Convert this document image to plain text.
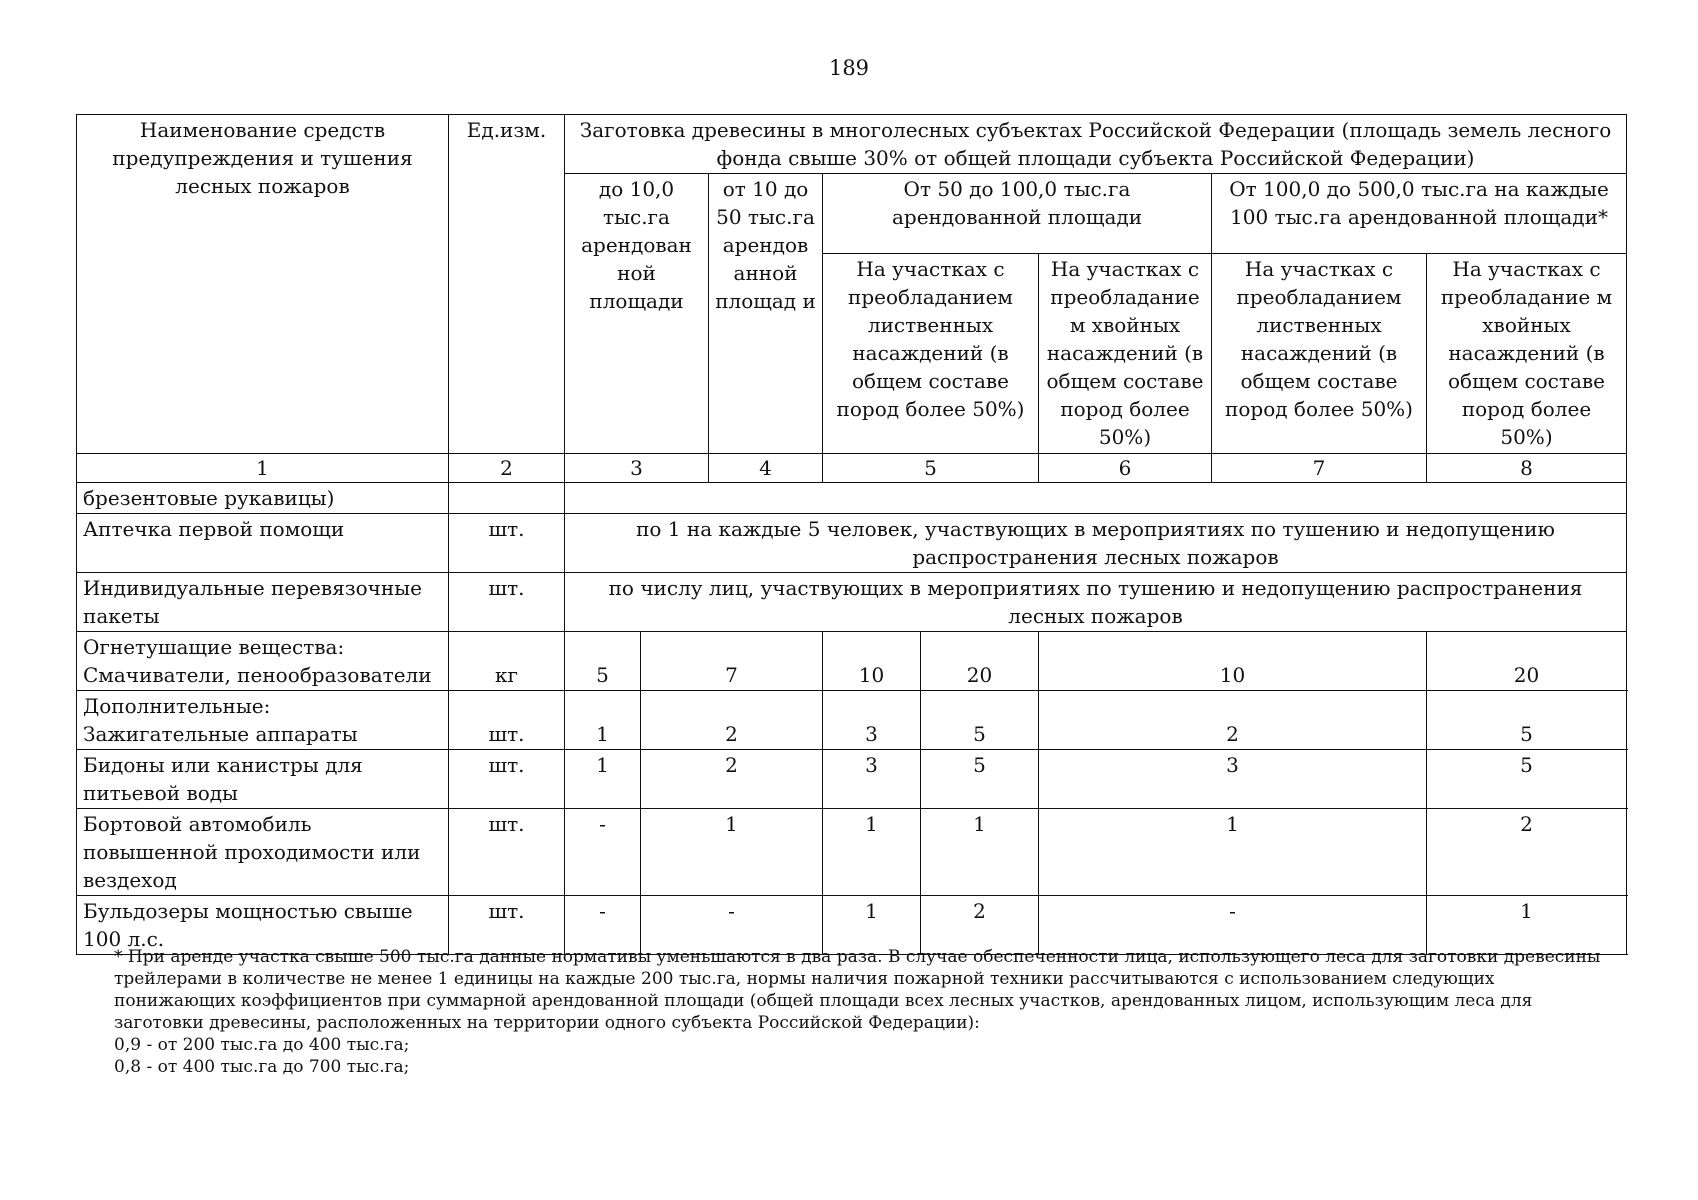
189
Наименование средств предупреждения и тушения лесных пожаров	Ед.изм.	Заготовка древесины в многолесных субъектах Российской Федерации (площадь земель лесного фонда свыше 30% от общей площади субъекта Российской Федерации)							
		до 10,0 тыс.га арендован ной площади		от 10 до 50 тыс.га арендов анной площад и	От 50 до 100,0 тыс.га арендованной площади			От 100,0 до 500,0 тыс.га на каждые 100 тыс.га арендованной площади*	
					На участках с преобладанием лиственных насаждений (в общем составе пород более 50%)		На участках с преобладанием хвойных насаждений (в общем составе пород более 50%)	На участках с преобладанием лиственных насаждений (в общем составе пород более 50%)	На участках с преобладание м хвойных насаждений (в общем составе пород более 50%)
1	2	3		4	5		6	7	8
брезентовые рукавицы)									
Аптечка первой помощи	шт.	по 1 на каждые 5 человек, участвующих в мероприятиях по тушению и недопущению распространения лесных пожаров							
Индивидуальные перевязочные пакеты	шт.	по числу лиц, участвующих в мероприятиях по тушению и недопущению распространения лесных пожаров							

Огнетушащие вещества:
Смачиватели, пенообразователи	кг	5	7		10	20	10		20

Дополнительные:
Зажигательные аппараты	шт.	1	2		3	5	2		5
Бидоны или канистры для питьевой воды	шт.	1	2		3	5	3		5
Бортовой автомобиль повышенной проходимости или вездеход	шт.	-	1		1	1	1		2
Бульдозеры мощностью свыше 100 л.с.	шт.	-	-		1	2	-		1

* При аренде участка свыше 500 тыс.га данные нормативы уменьшаются в два раза. В случае обеспеченности лица, использующего леса для заготовки древесины трейлерами в количестве не менее 1 единицы на каждые 200 тыс.га, нормы наличия пожарной техники рассчитываются с использованием следующих понижающих коэффициентов при суммарной арендованной площади (общей площади всех лесных участков, арендованных лицом, использующим леса для заготовки древесины, расположенных на территории одного субъекта Российской Федерации):

0,9 - от 200 тыс.га до 400 тыс.га;

0,8 - от 400 тыс.га до 700 тыс.га;
